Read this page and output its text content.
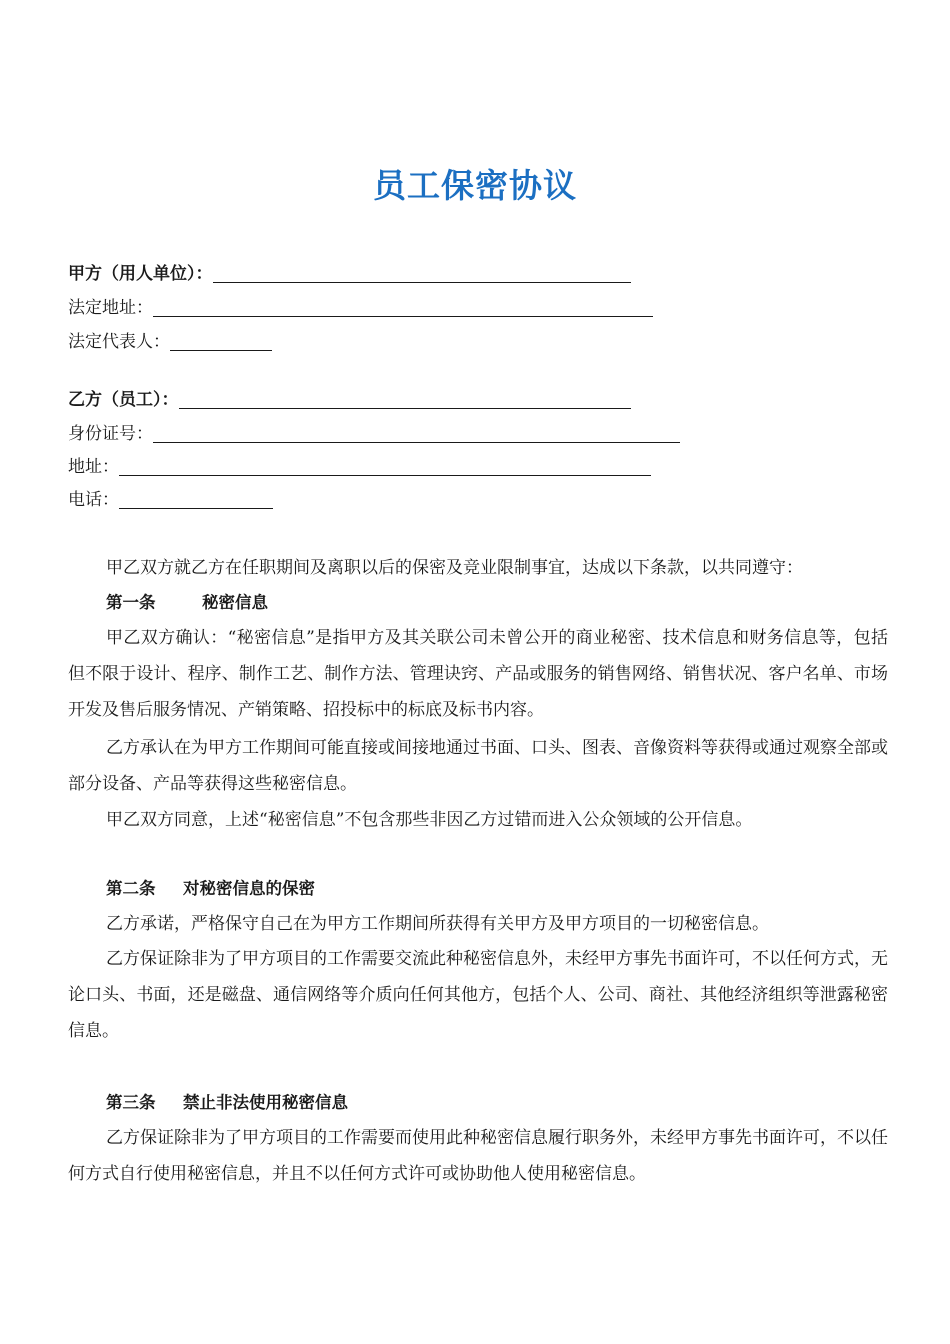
员工保密协议
甲方（用人单位）：
法定地址：
法定代表人：
乙方（员工）：
身份证号：
地址：
电话：
甲乙双方就乙方在任职期间及离职以后的保密及竞业限制事宜，达成以下条款，以共同遵守：
第一条	秘密信息
甲乙双方确认：“秘密信息”是指甲方及其关联公司未曾公开的商业秘密、技术信息和财务信息等，包括但不限于设计、程序、制作工艺、制作方法、管理诀窍、产品或服务的销售网络、销售状况、客户名单、市场开发及售后服务情况、产销策略、招投标中的标底及标书内容。
乙方承认在为甲方工作期间可能直接或间接地通过书面、口头、图表、音像资料等获得或通过观察全部或部分设备、产品等获得这些秘密信息。
甲乙双方同意，上述“秘密信息”不包含那些非因乙方过错而进入公众领域的公开信息。
第二条 对秘密信息的保密
乙方承诺，严格保守自己在为甲方工作期间所获得有关甲方及甲方项目的一切秘密信息。
乙方保证除非为了甲方项目的工作需要交流此种秘密信息外，未经甲方事先书面许可，不以任何方式，无论口头、书面，还是磁盘、通信网络等介质向任何其他方，包括个人、公司、商社、其他经济组织等泄露秘密信息。
第三条 禁止非法使用秘密信息
乙方保证除非为了甲方项目的工作需要而使用此种秘密信息履行职务外，未经甲方事先书面许可，不以任何方式自行使用秘密信息，并且不以任何方式许可或协助他人使用秘密信息。
